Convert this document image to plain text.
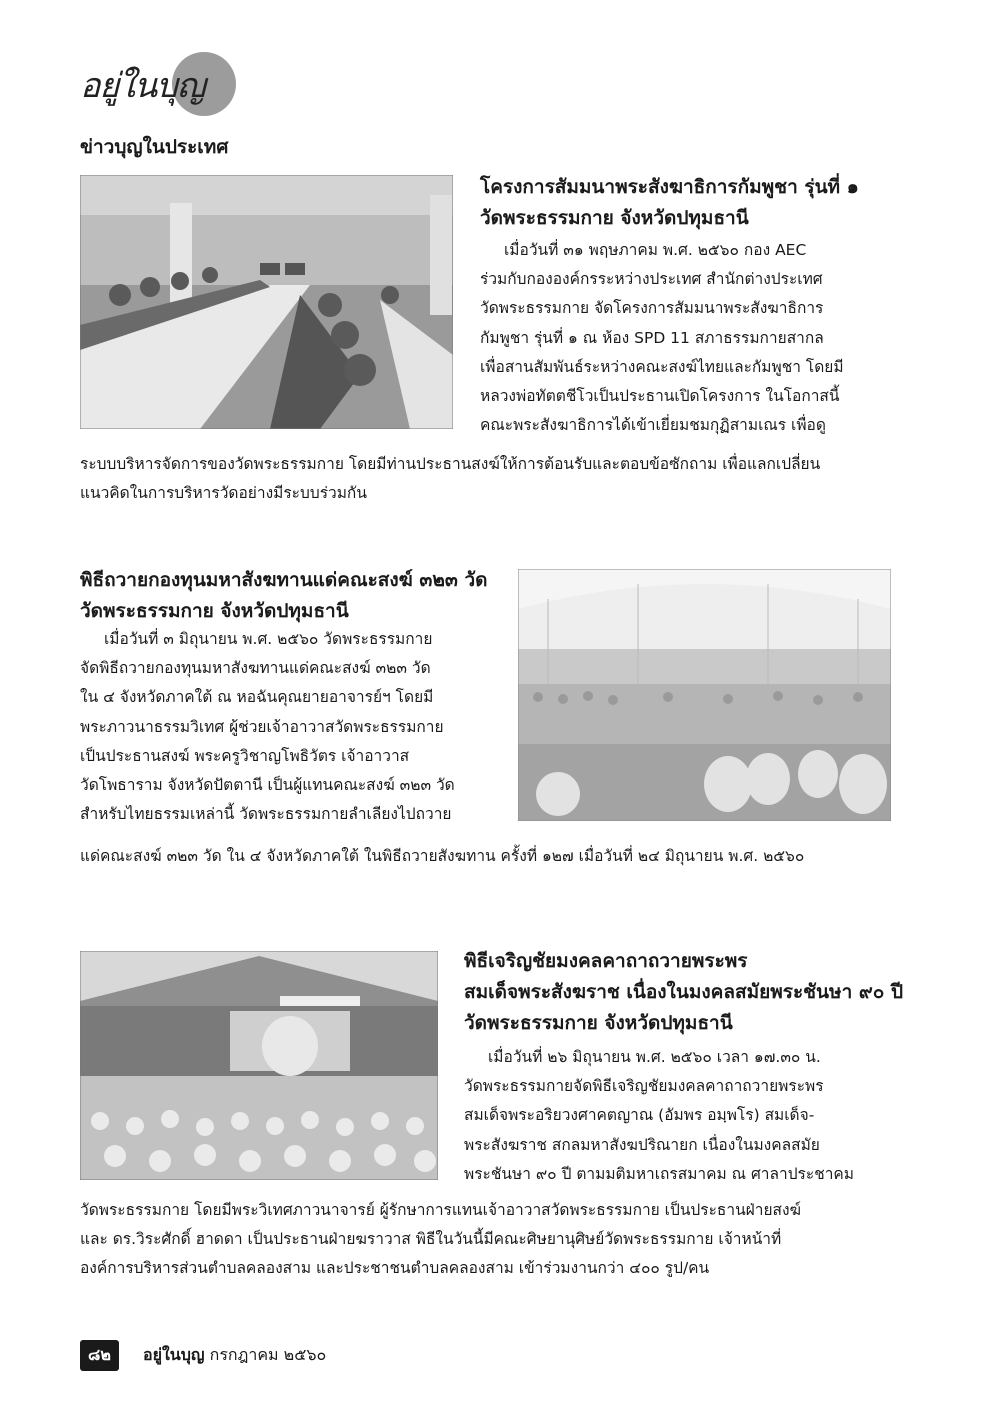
อยู่ในบุญ
ข่าวบุญในประเทศ
โครงการสัมมนาพระสังฆาธิการกัมพูชา รุ่นที่ ๑
วัดพระธรรมกาย จังหวัดปทุมธานี
เมื่อวันที่ ๓๑ พฤษภาคม พ.ศ. ๒๕๖๐ กอง AEC
ร่วมกับกององค์กรระหว่างประเทศ สำนักต่างประเทศ
วัดพระธรรมกาย จัดโครงการสัมมนาพระสังฆาธิการ
กัมพูชา รุ่นที่ ๑ ณ ห้อง SPD 11 สภาธรรมกายสากล
เพื่อสานสัมพันธ์ระหว่างคณะสงฆ์ไทยและกัมพูชา โดยมี
หลวงพ่อทัตตชีโวเป็นประธานเปิดโครงการ ในโอกาสนี้
คณะพระสังฆาธิการได้เข้าเยี่ยมชมกุฏิสามเณร เพื่อดู
ระบบบริหารจัดการของวัดพระธรรมกาย โดยมีท่านประธานสงฆ์ให้การต้อนรับและตอบข้อซักถาม เพื่อแลกเปลี่ยน
แนวคิดในการบริหารวัดอย่างมีระบบร่วมกัน
พิธีถวายกองทุนมหาสังฆทานแด่คณะสงฆ์ ๓๒๓ วัด
วัดพระธรรมกาย จังหวัดปทุมธานี
เมื่อวันที่ ๓ มิถุนายน พ.ศ. ๒๕๖๐ วัดพระธรรมกาย
จัดพิธีถวายกองทุนมหาสังฆทานแด่คณะสงฆ์ ๓๒๓ วัด
ใน ๔ จังหวัดภาคใต้ ณ หอฉันคุณยายอาจารย์ฯ โดยมี
พระภาวนาธรรมวิเทศ ผู้ช่วยเจ้าอาวาสวัดพระธรรมกาย
เป็นประธานสงฆ์ พระครูวิชาญโพธิวัตร เจ้าอาวาส
วัดโพธาราม จังหวัดปัตตานี เป็นผู้แทนคณะสงฆ์ ๓๒๓ วัด
สำหรับไทยธรรมเหล่านี้ วัดพระธรรมกายลำเลียงไปถวาย
แด่คณะสงฆ์ ๓๒๓ วัด ใน ๔ จังหวัดภาคใต้ ในพิธีถวายสังฆทาน ครั้งที่ ๑๒๗ เมื่อวันที่ ๒๔ มิถุนายน พ.ศ. ๒๕๖๐
พิธีเจริญชัยมงคลคาถาถวายพระพร
สมเด็จพระสังฆราช เนื่องในมงคลสมัยพระชันษา ๙๐ ปี
วัดพระธรรมกาย จังหวัดปทุมธานี
เมื่อวันที่ ๒๖ มิถุนายน พ.ศ. ๒๕๖๐ เวลา ๑๗.๓๐ น.
วัดพระธรรมกายจัดพิธีเจริญชัยมงคลคาถาถวายพระพร
สมเด็จพระอริยวงศาคตญาณ (อัมพร อมฺพโร) สมเด็จ-
พระสังฆราช สกลมหาสังฆปริณายก เนื่องในมงคลสมัย
พระชันษา ๙๐ ปี ตามมติมหาเถรสมาคม ณ ศาลาประชาคม
วัดพระธรรมกาย โดยมีพระวิเทศภาวนาจารย์ ผู้รักษาการแทนเจ้าอาวาสวัดพระธรรมกาย เป็นประธานฝ่ายสงฆ์
และ ดร.วิระศักดิ์ ฮาดดา เป็นประธานฝ่ายฆราวาส พิธีในวันนี้มีคณะศิษยานุศิษย์วัดพระธรรมกาย เจ้าหน้าที่
องค์การบริหารส่วนตำบลคลองสาม และประชาชนตำบลคลองสาม เข้าร่วมงานกว่า ๔๐๐ รูป/คน
๘๒	อยู่ในบุญ กรกฎาคม ๒๕๖๐
